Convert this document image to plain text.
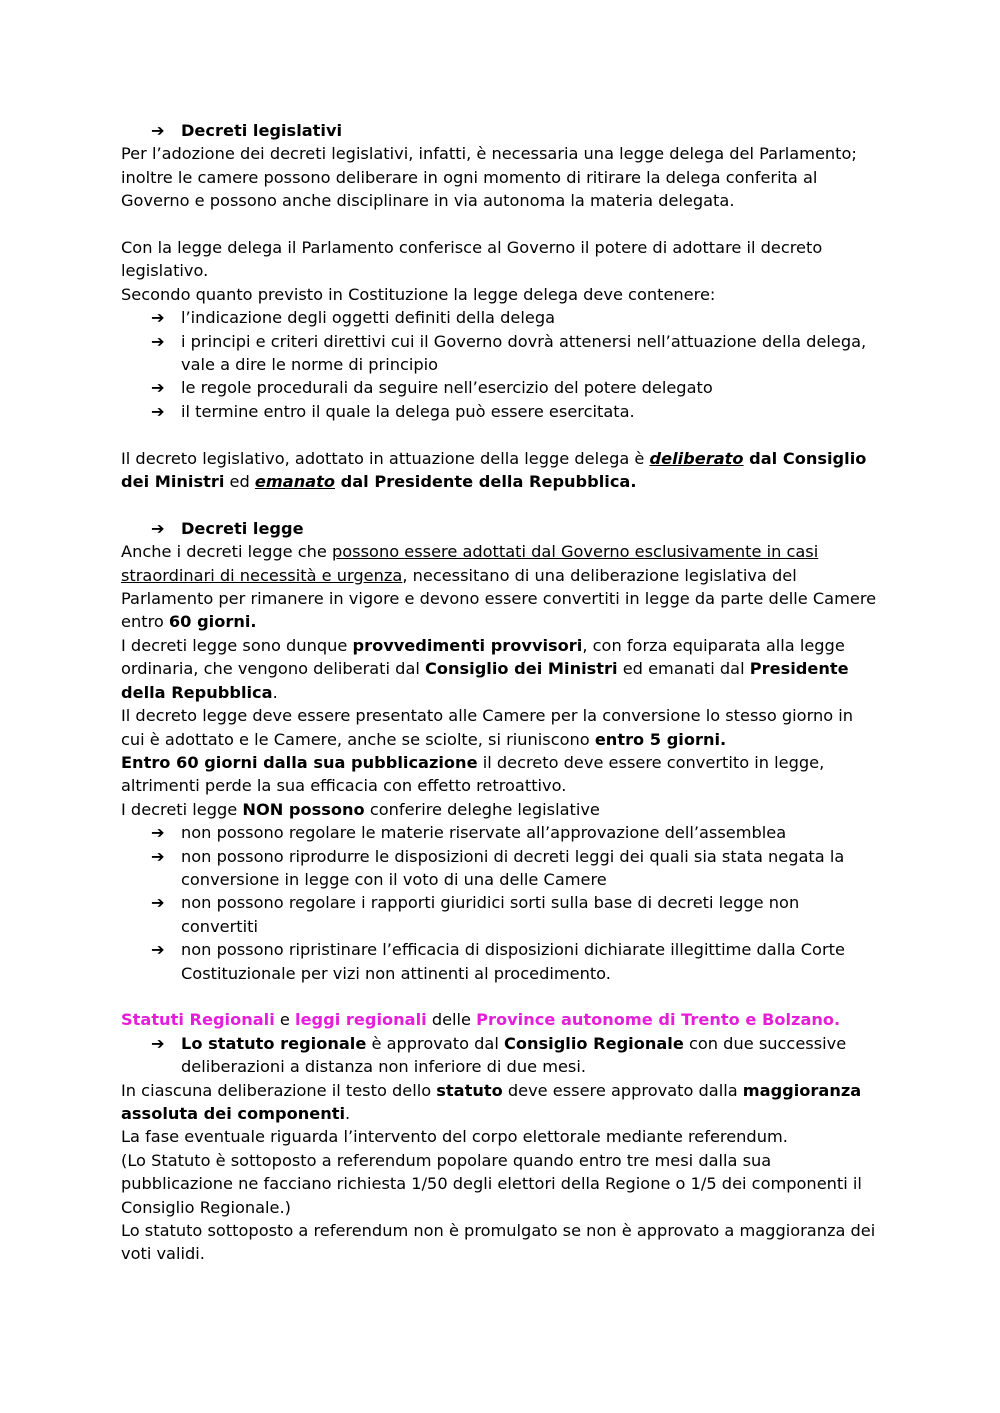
➔ Decreti legislativi

Per l’adozione dei decreti legislativi, infatti, è necessaria una legge delega del Parlamento; inoltre le camere possono deliberare in ogni momento di ritirare la delega conferita al Governo e possono anche disciplinare in via autonoma la materia delegata.

Con la legge delega il Parlamento conferisce al Governo il potere di adottare il decreto legislativo.

Secondo quanto previsto in Costituzione la legge delega deve contenere:

➔ l’indicazione degli oggetti definiti della delega

➔ i principi e criteri direttivi cui il Governo dovrà attenersi nell’attuazione della delega, vale a dire le norme di principio

➔ le regole procedurali da seguire nell’esercizio del potere delegato

➔ il termine entro il quale la delega può essere esercitata.

Il decreto legislativo, adottato in attuazione della legge delega è deliberato dal Consiglio dei Ministri ed emanato dal Presidente della Repubblica.

➔ Decreti legge

Anche i decreti legge che possono essere adottati dal Governo esclusivamente in casi straordinari di necessità e urgenza, necessitano di una deliberazione legislativa del Parlamento per rimanere in vigore e devono essere convertiti in legge da parte delle Camere entro 60 giorni.

I decreti legge sono dunque provvedimenti provvisori, con forza equiparata alla legge ordinaria, che vengono deliberati dal Consiglio dei Ministri ed emanati dal Presidente della Repubblica.

Il decreto legge deve essere presentato alle Camere per la conversione lo stesso giorno in cui è adottato e le Camere, anche se sciolte, si riuniscono entro 5 giorni.

Entro 60 giorni dalla sua pubblicazione il decreto deve essere convertito in legge, altrimenti perde la sua efficacia con effetto retroattivo.

I decreti legge NON possono conferire deleghe legislative

➔ non possono regolare le materie riservate all’approvazione dell’assemblea

➔ non possono riprodurre le disposizioni di decreti leggi dei quali sia stata negata la conversione in legge con il voto di una delle Camere

➔ non possono regolare i rapporti giuridici sorti sulla base di decreti legge non convertiti

➔ non possono ripristinare l’efficacia di disposizioni dichiarate illegittime dalla Corte Costituzionale per vizi non attinenti al procedimento.

Statuti Regionali e leggi regionali delle Province autonome di Trento e Bolzano.

➔ Lo statuto regionale è approvato dal Consiglio Regionale con due successive deliberazioni a distanza non inferiore di due mesi.

In ciascuna deliberazione il testo dello statuto deve essere approvato dalla maggioranza assoluta dei componenti.

La fase eventuale riguarda l’intervento del corpo elettorale mediante referendum.

(Lo Statuto è sottoposto a referendum popolare quando entro tre mesi dalla sua pubblicazione ne facciano richiesta 1/50 degli elettori della Regione o 1/5 dei componenti il Consiglio Regionale.)

Lo statuto sottoposto a referendum non è promulgato se non è approvato a maggioranza dei voti validi.
